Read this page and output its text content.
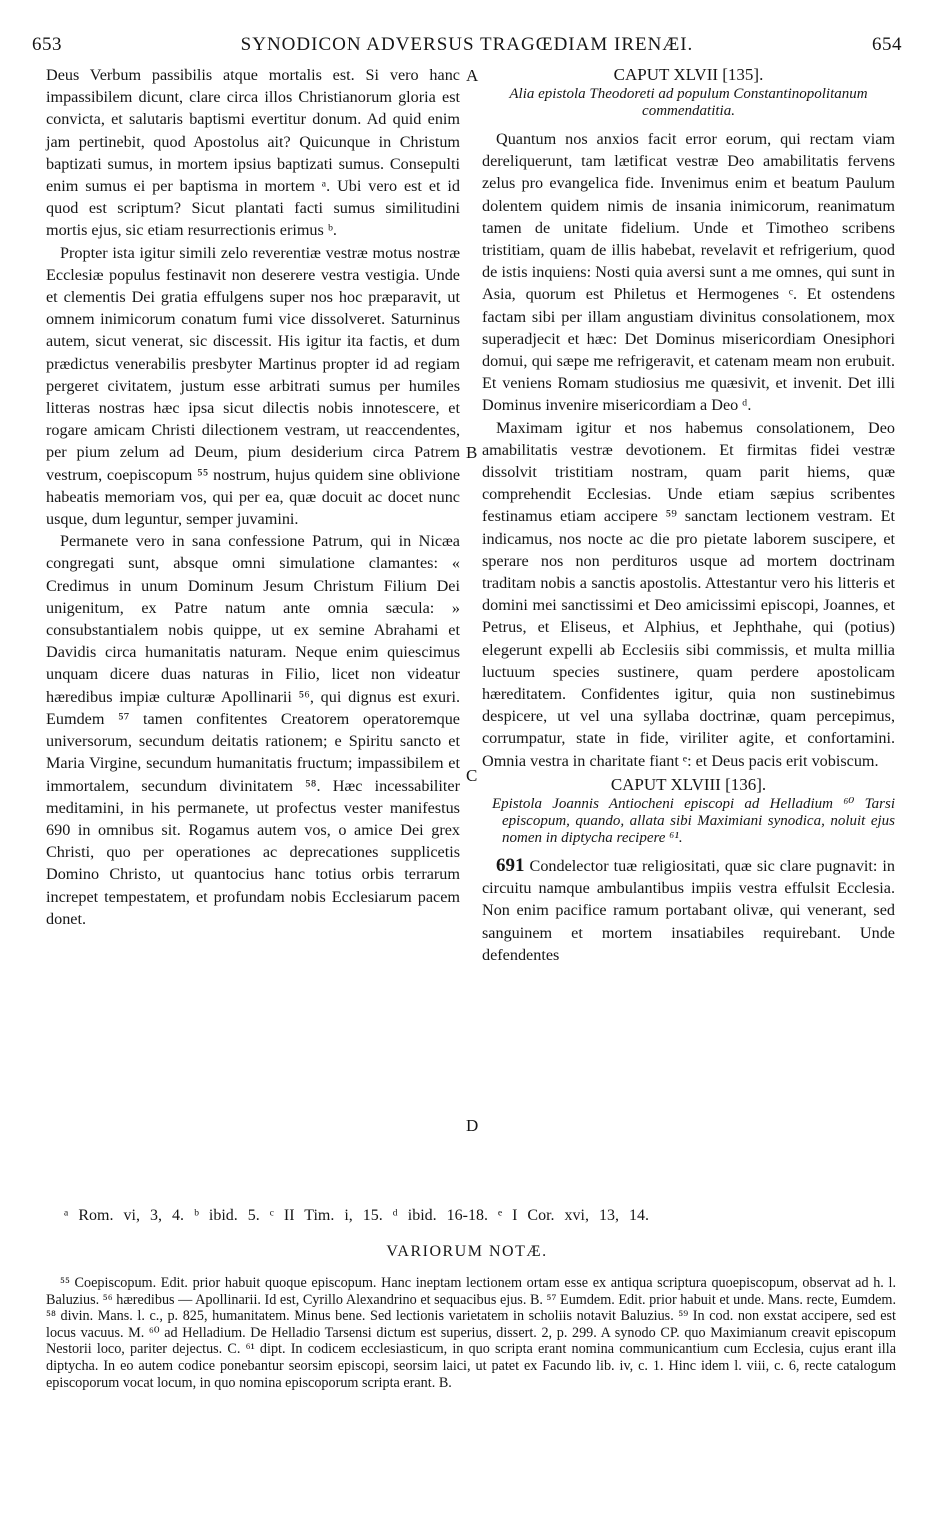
653	SYNODICON ADVERSUS TRAGŒDIAM IRENÆI.	654
A
B
C
D

Deus Verbum passibilis atque mortalis est. Si vero hanc impassibilem dicunt, clare circa illos Christianorum gloria est convicta, et salutaris baptismi evertitur donum. Ad quid enim jam pertinebit, quod Apostolus ait? Quicunque in Christum baptizati sumus, in mortem ipsius baptizati sumus. Consepulti enim sumus ei per baptisma in mortem ᵃ. Ubi vero est et id quod est scriptum? Sicut plantati facti sumus similitudini mortis ejus, sic etiam resurrectionis erimus ᵇ.

Propter ista igitur simili zelo reverentiæ vestræ motus nostræ Ecclesiæ populus festinavit non deserere vestra vestigia. Unde et clementis Dei gratia effulgens super nos hoc præparavit, ut omnem inimicorum conatum fumi vice dissolveret. Saturninus autem, sicut venerat, sic discessit. His igitur ita factis, et dum prædictus venerabilis presbyter Martinus propter id ad regiam pergeret civitatem, justum esse arbitrati sumus per humiles litteras nostras hæc ipsa sicut dilectis nobis innotescere, et rogare amicam Christi dilectionem vestram, ut reaccendentes, per pium zelum ad Deum, pium desiderium circa Patrem vestrum, coepiscopum ⁵⁵ nostrum, hujus quidem sine oblivione habeatis memoriam vos, qui per ea, quæ docuit ac docet nunc usque, dum leguntur, semper juvamini.

Permanete vero in sana confessione Patrum, qui in Nicæa congregati sunt, absque omni simulatione clamantes: « Credimus in unum Dominum Jesum Christum Filium Dei unigenitum, ex Patre natum ante omnia sæcula: » consubstantialem nobis quippe, ut ex semine Abrahami et Davidis circa humanitatis naturam. Neque enim quiescimus unquam dicere duas naturas in Filio, licet non videatur hæredibus impiæ culturæ Apollinarii ⁵⁶, qui dignus est exuri. Eumdem ⁵⁷ tamen confitentes Creatorem operatoremque universorum, secundum deitatis rationem; e Spiritu sancto et Maria Virgine, secundum humanitatis fructum; impassibilem et immortalem, secundum divinitatem ⁵⁸. Hæc incessabiliter meditamini, in his permanete, ut profectus vester manifestus 690 in omnibus sit. Rogamus autem vos, o amice Dei grex Christi, quo per operationes ac deprecationes supplicetis Domino Christo, ut quantocius hanc totius orbis terrarum increpet tempestatem, et profundam nobis Ecclesiarum pacem donet.

CAPUT XLVII [135].
Alia epistola Theodoreti ad populum Constantinopolitanum commendatitia.

Quantum nos anxios facit error eorum, qui rectam viam dereliquerunt, tam lætificat vestræ Deo amabilitatis fervens zelus pro evangelica fide. Invenimus enim et beatum Paulum dolentem quidem nimis de insania inimicorum, reanimatum tamen de unitate fidelium. Unde et Timotheo scribens tristitiam, quam de illis habebat, revelavit et refrigerium, quod de istis inquiens: Nosti quia aversi sunt a me omnes, qui sunt in Asia, quorum est Philetus et Hermogenes ᶜ. Et ostendens factam sibi per illam angustiam divinitus consolationem, mox superadjecit et hæc: Det Dominus misericordiam Onesiphori domui, qui sæpe me refrigeravit, et catenam meam non erubuit. Et veniens Romam studiosius me quæsivit, et invenit. Det illi Dominus invenire misericordiam a Deo ᵈ.

Maximam igitur et nos habemus consolationem, Deo amabilitatis vestræ devotionem. Et firmitas fidei vestræ dissolvit tristitiam nostram, quam parit hiems, quæ comprehendit Ecclesias. Unde etiam sæpius scribentes festinamus etiam accipere ⁵⁹ sanctam lectionem vestram. Et indicamus, nos nocte ac die pro pietate laborem suscipere, et sperare nos non perdituros usque ad mortem doctrinam traditam nobis a sanctis apostolis. Attestantur vero his litteris et domini mei sanctissimi et Deo amicissimi episcopi, Joannes, et Petrus, et Eliseus, et Alphius, et Jephthahe, qui (potius) elegerunt expelli ab Ecclesiis sibi commissis, et multa millia luctuum species sustinere, quam perdere apostolicam hæreditatem. Confidentes igitur, quia non sustinebimus despicere, ut vel una syllaba doctrinæ, quam percepimus, corrumpatur, state in fide, viriliter agite, et confortamini. Omnia vestra in charitate fiant ᵉ: et Deus pacis erit vobiscum.

CAPUT XLVIII [136].
Epistola Joannis Antiocheni episcopi ad Helladium ⁶⁰ Tarsi episcopum, quando, allata sibi Maximiani synodica, noluit ejus nomen in diptycha recipere ⁶¹.

691 Condelector tuæ religiositati, quæ sic clare pugnavit: in circuitu namque ambulantibus impiis vestra effulsit Ecclesia. Non enim pacifice ramum portabant olivæ, qui venerant, sed sanguinem et mortem insatiabiles requirebant. Unde defendentes

ᵃ Rom. vi, 3, 4. ᵇ ibid. 5. ᶜ II Tim. i, 15. ᵈ ibid. 16-18. ᵉ I Cor. xvi, 13, 14.
VARIORUM NOTÆ.

⁵⁵ Coepiscopum. Edit. prior habuit quoque episcopum. Hanc ineptam lectionem ortam esse ex antiqua scriptura quoepiscopum, observat ad h. l. Baluzius. ⁵⁶ hæredibus — Apollinarii. Id est, Cyrillo Alexandrino et sequacibus ejus. B. ⁵⁷ Eumdem. Edit. prior habuit et unde. Mans. recte, Eumdem. ⁵⁸ divin. Mans. l. c., p. 825, humanitatem. Minus bene. Sed lectionis varietatem in scholiis notavit Baluzius. ⁵⁹ In cod. non exstat accipere, sed est locus vacuus. M. ⁶⁰ ad Helladium. De Helladio Tarsensi dictum est superius, dissert. 2, p. 299. A synodo CP. quo Maximianum creavit episcopum Nestorii loco, pariter dejectus. C. ⁶¹ dipt. In codicem ecclesiasticum, in quo scripta erant nomina communicantium cum Ecclesia, cujus erant illa diptycha. In eo autem codice ponebantur seorsim episcopi, seorsim laici, ut patet ex Facundo lib. iv, c. 1. Hinc idem l. viii, c. 6, recte catalogum episcoporum vocat locum, in quo nomina episcoporum scripta erant. B.
